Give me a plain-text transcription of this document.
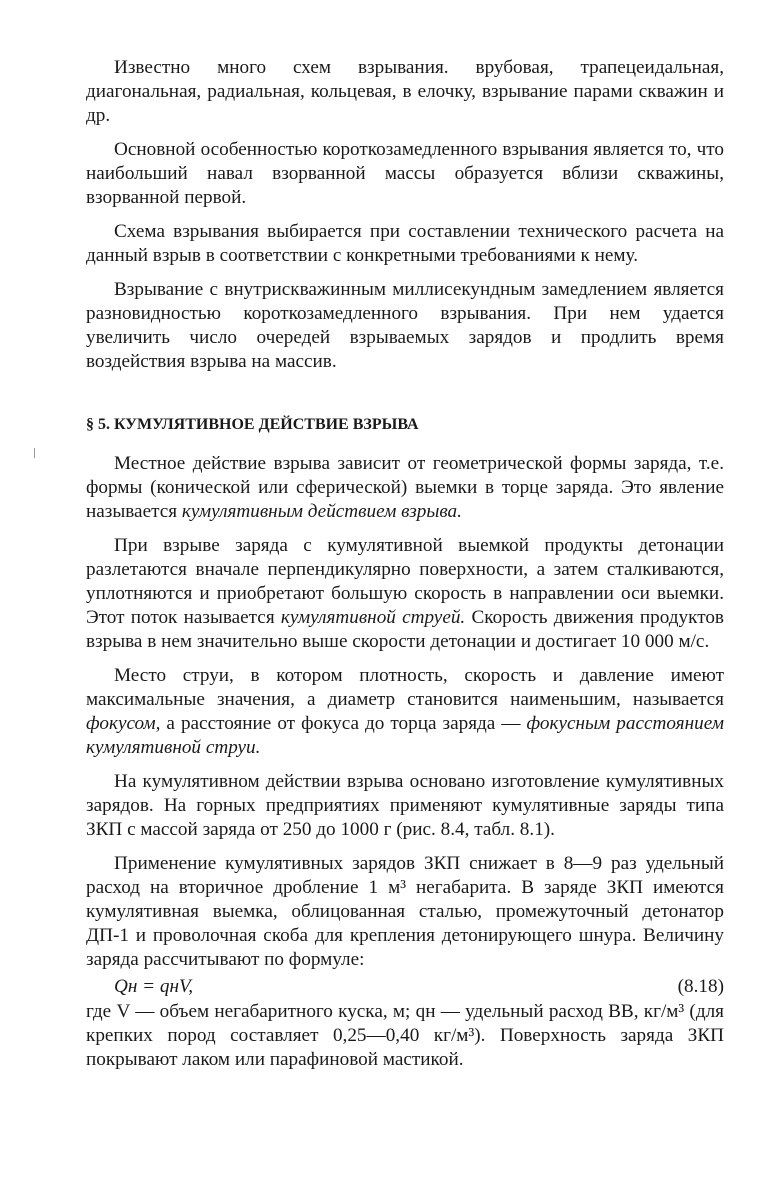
Известно много схем взрывания. врубовая, трапецеидальная, диагональная, радиальная, кольцевая, в елочку, взрывание парами скважин и др.

Основной особенностью короткозамедленного взрывания является то, что наибольший навал взорванной массы образуется вблизи скважины, взорванной первой.

Схема взрывания выбирается при составлении технического расчета на данный взрыв в соответствии с конкретными требованиями к нему.

Взрывание с внутрискважинным миллисекундным замедлением является разновидностью короткозамедленного взрывания. При нем удается увеличить число очередей взрываемых зарядов и продлить время воздействия взрыва на массив.

§ 5. КУМУЛЯТИВНОЕ ДЕЙСТВИЕ ВЗРЫВА

Местное действие взрыва зависит от геометрической формы заряда, т.е. формы (конической или сферической) выемки в торце заряда. Это явление называется кумулятивным действием взрыва.

При взрыве заряда с кумулятивной выемкой продукты детонации разлетаются вначале перпендикулярно поверхности, а затем сталкиваются, уплотняются и приобретают большую скорость в направлении оси выемки. Этот поток называется кумулятивной струей. Скорость движения продуктов взрыва в нем значительно выше скорости детонации и достигает 10 000 м/с.

Место струи, в котором плотность, скорость и давление имеют максимальные значения, а диаметр становится наименьшим, называется фокусом, а расстояние от фокуса до торца заряда — фокусным расстоянием кумулятивной струи.

На кумулятивном действии взрыва основано изготовление кумулятивных зарядов. На горных предприятиях применяют кумулятивные заряды типа ЗКП с массой заряда от 250 до 1000 г (рис. 8.4, табл. 8.1).

Применение кумулятивных зарядов ЗКП снижает в 8—9 раз удельный расход на вторичное дробление 1 м³ негабарита. В заряде ЗКП имеются кумулятивная выемка, облицованная сталью, промежуточный детонатор ДП-1 и проволочная скоба для крепления детонирующего шнура. Величину заряда рассчитывают по формуле:

Qн = qнV,	(8.18)

где V — объем негабаритного куска, м; qн — удельный расход ВВ, кг/м³ (для крепких пород составляет 0,25—0,40 кг/м³). Поверхность заряда ЗКП покрывают лаком или парафиновой мастикой.
